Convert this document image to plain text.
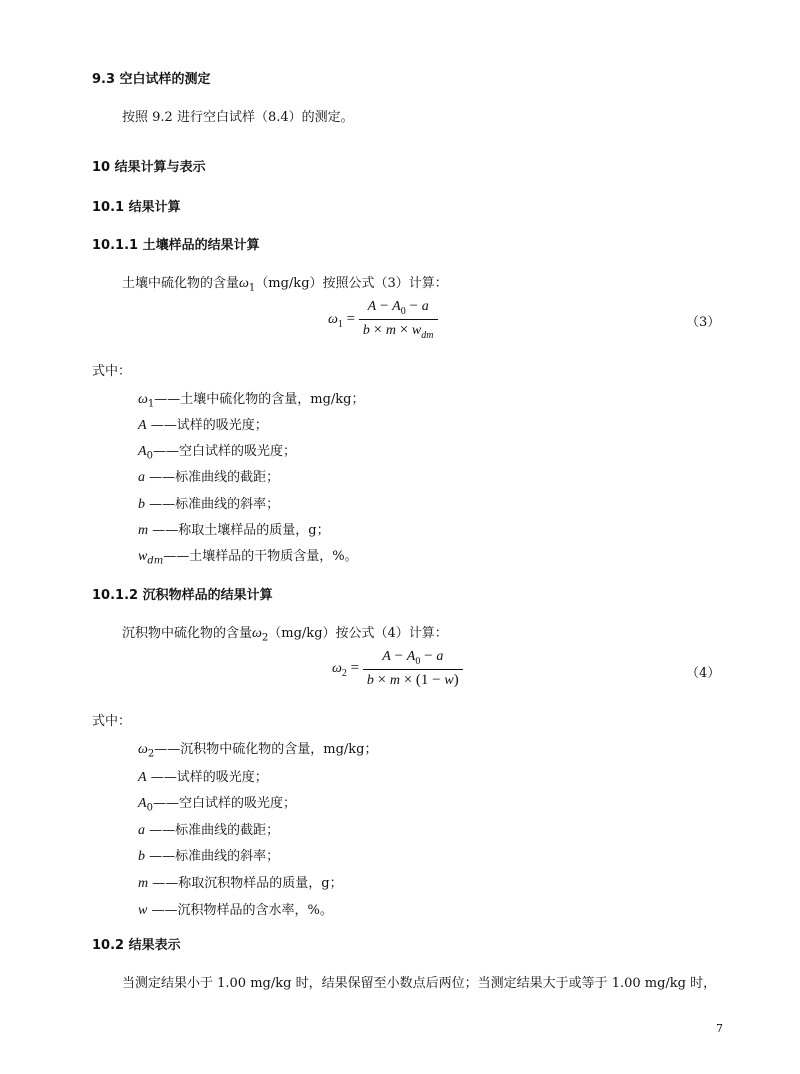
9.3 空白试样的测定
按照 9.2 进行空白试样（8.4）的测定。
10 结果计算与表示
10.1 结果计算
10.1.1 土壤样品的结果计算
土壤中硫化物的含量$\omega_1(mg/kg)$按照公式（3）计算：
$\omega_1 = \frac{A - A_0 - a}{b \times m \times w_{dm}}$	（3）
式中：
$\omega_1——$土壤中硫化物的含量，mg/kg；
A ——试样的吸光度；
$A_0——$空白试样的吸光度；
a ——标准曲线的截距；
b ——标准曲线的斜率；
m ——称取土壤样品的质量，g；
$w_{dm}——$土壤样品的干物质含量，%。
10.1.2 沉积物样品的结果计算
沉积物中硫化物的含量$\omega_2(mg/kg)$按公式（4）计算：
$\omega_2 = \frac{A - A_0 - a}{b \times m \times (1 - w)}$	（4）
式中：
$\omega_2——$沉积物中硫化物的含量，mg/kg；
A ——试样的吸光度；
$A_0——$空白试样的吸光度；
a ——标准曲线的截距；
b ——标准曲线的斜率；
m ——称取沉积物样品的质量，g；
w ——沉积物样品的含水率，%。
10.2 结果表示
当测定结果小于 1.00 mg/kg 时，结果保留至小数点后两位；当测定结果大于或等于 1.00 mg/kg 时，
7
